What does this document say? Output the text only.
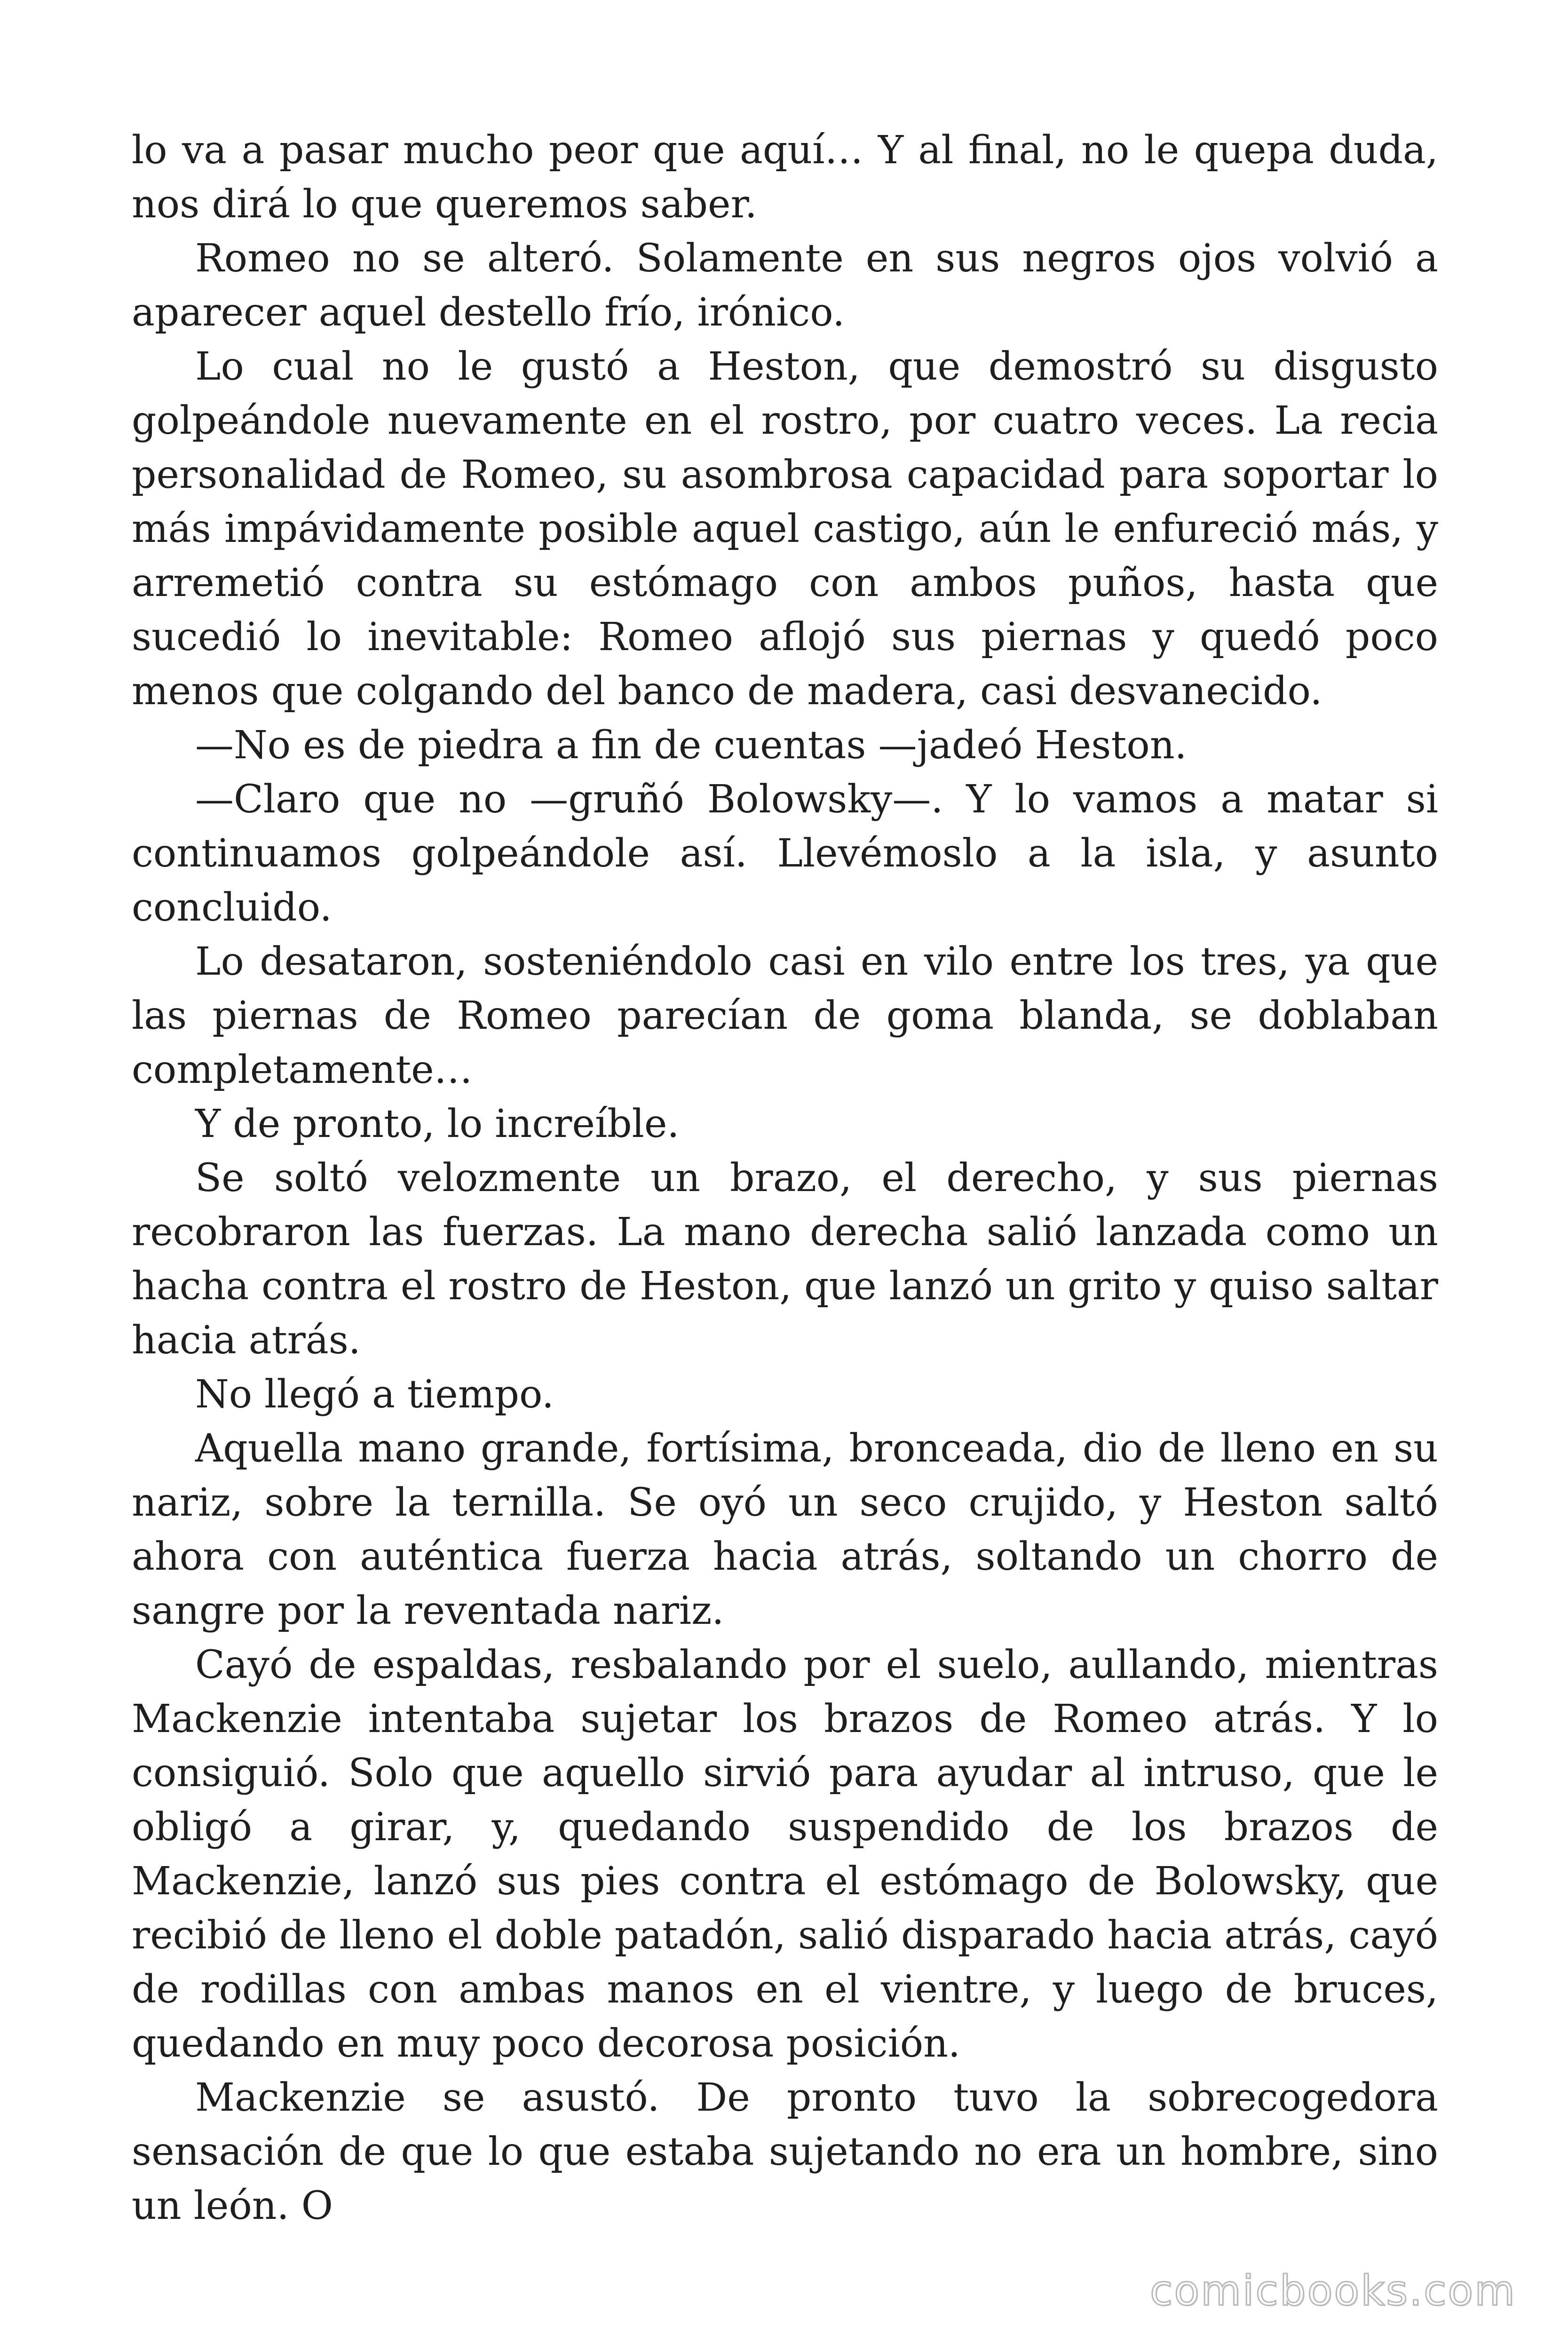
lo va a pasar mucho peor que aquí… Y al final, no le quepa duda, nos dirá lo que queremos saber.

Romeo no se alteró. Solamente en sus negros ojos volvió a aparecer aquel destello frío, irónico.

Lo cual no le gustó a Heston, que demostró su disgusto golpeándole nuevamente en el rostro, por cuatro veces. La recia personalidad de Romeo, su asombrosa capacidad para soportar lo más impávidamente posible aquel castigo, aún le enfureció más, y arremetió contra su estómago con ambos puños, hasta que sucedió lo inevitable: Romeo aflojó sus piernas y quedó poco menos que colgando del banco de madera, casi desvanecido.

—No es de piedra a fin de cuentas —jadeó Heston.

—Claro que no —gruñó Bolowsky—. Y lo vamos a matar si continuamos golpeándole así. Llevémoslo a la isla, y asunto concluido.

Lo desataron, sosteniéndolo casi en vilo entre los tres, ya que las piernas de Romeo parecían de goma blanda, se doblaban completamente…

Y de pronto, lo increíble.

Se soltó velozmente un brazo, el derecho, y sus piernas recobraron las fuerzas. La mano derecha salió lanzada como un hacha contra el rostro de Heston, que lanzó un grito y quiso saltar hacia atrás.

No llegó a tiempo.

Aquella mano grande, fortísima, bronceada, dio de lleno en su nariz, sobre la ternilla. Se oyó un seco crujido, y Heston saltó ahora con auténtica fuerza hacia atrás, soltando un chorro de sangre por la reventada nariz.

Cayó de espaldas, resbalando por el suelo, aullando, mientras Mackenzie intentaba sujetar los brazos de Romeo atrás. Y lo consiguió. Solo que aquello sirvió para ayudar al intruso, que le obligó a girar, y, quedando suspendido de los brazos de Mackenzie, lanzó sus pies contra el estómago de Bolowsky, que recibió de lleno el doble patadón, salió disparado hacia atrás, cayó de rodillas con ambas manos en el vientre, y luego de bruces, quedando en muy poco decorosa posición.

Mackenzie se asustó. De pronto tuvo la sobrecogedora sensación de que lo que estaba sujetando no era un hombre, sino un león. O

comicbooks.com
